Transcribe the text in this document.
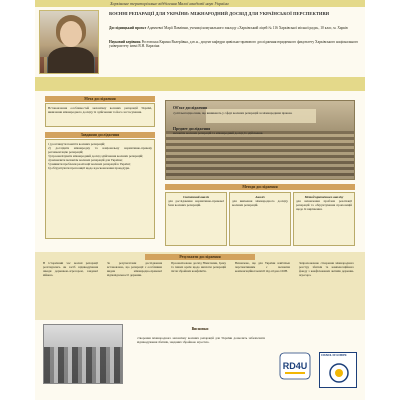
Харківське територіальне відділення Малої академії наук України
ВОЄННІ РЕПАРАЦІЇ ДЛЯ УКРАЇНИ: МІЖНАРОДНИЙ ДОСВІД ДЛЯ УКРАЇНСЬКОЇ ПЕРСПЕКТИВИ
Дослідницький проєкт Адамчевої Марії Павлівни, учениці комунального закладу «Харківський ліцей № 116 Харківської міської ради», 10 клас, м. Харків
Науковий керівник Ростовська Карина Валеріївна, д.ю.н., доцент кафедри цивільно-правового дослідження юридичного факультету Харківського національного університету імені В.Н. Каразіна
Мета дослідження
Встановлення особливостей механізму воєнних репарацій Україні, виявлення міжнародного досвіду їх здійснення та його застосування.
Завдання дослідження
1) розглянути поняття воєнних репарацій;
2) дослідити міжнародну та національну нормативно-правову регламентацію репарацій;
3) проаналізувати міжнародний досвід здійснення воєнних репарацій;
4) визначити механізм воєнних репарацій для України;
5) виявити проблеми реалізації воєнних репарацій в Україні;
6) обґрунтувати пропозиції щодо вдосконалення процедури.
Об'єкт дослідження
суспільні відносини, що виникають у сфері воєнних репарацій за міжнародним правом.
Предмет дослідження
механізм воєнних репарацій та міжнародний досвід їх здійснення.
Методи дослідження
Системний аналіз
для дослідження нормативно-правової бази воєнних репарацій.
Аналіз
для вивчення міжнародного досвіду воєнних репарацій.
Метод критичного аналізу
для визначення проблем реалізації репарацій та обґрунтування пропозицій щодо їх вирішення.
Результати дослідження
В історичний час воєнні репарації розглядались як засіб відшкодування шкоди державою-агресором, завданої війною.
За результатами дослідження встановлено, що репарації є особливим видом міжнародно-правової відповідальності держави.
Проаналізовано досвід Німеччини, Іраку та інших країн щодо виплати репарацій після збройних конфліктів.
Визначено, що для України найбільш перспективним є механізм компенсаційної комісії під егідою ООН.
Запропоновано створення міжнародного реєстру збитків та компенсаційного фонду з конфіскованих активів держави-агресора.
Висновки
створення міжнародного механізму воєнних репарацій для України дозволить забезпечити відшкодування збитків, завданих збройною агресією.
RD4U
COUNCIL OF EUROPE
